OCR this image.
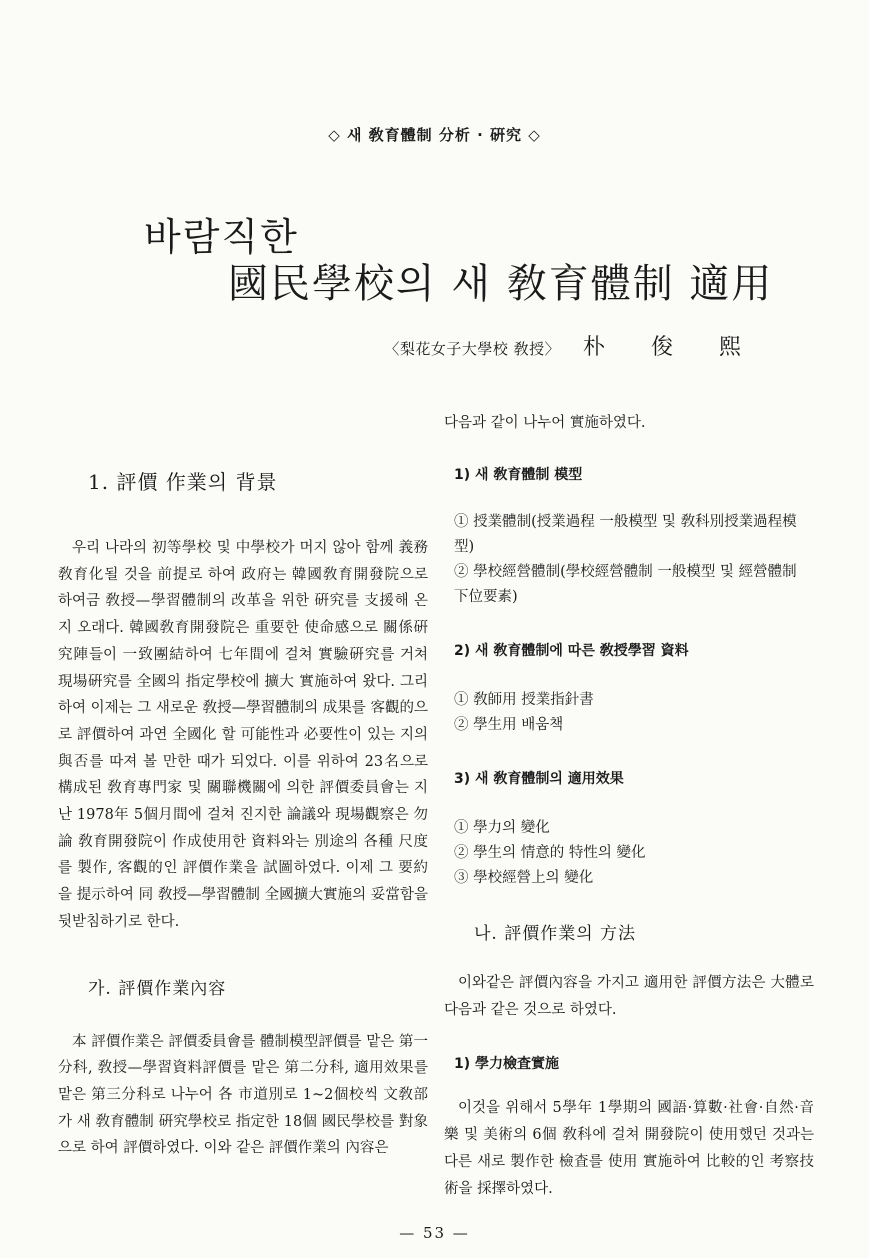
◇ 새 敎育體制 分析 · 硏究 ◇
바람직한
國民學校의 새 敎育體制 適用
〈梨花女子大學校 敎授〉 朴 俊 熙
1. 評價 作業의 背景

우리 나라의 初等學校 및 中學校가 머지 않아 함께 義務敎育化될 것을 前提로 하여 政府는 韓國敎育開發院으로 하여금 敎授—學習體制의 改革을 위한 硏究를 支援해 온지 오래다. 韓國敎育開發院은 重要한 使命感으로 關係硏究陣들이 一致團結하여 七年間에 걸쳐 實驗硏究를 거쳐 現場硏究를 全國의 指定學校에 擴大 實施하여 왔다. 그리하여 이제는 그 새로운 敎授—學習體制의 成果를 客觀的으로 評價하여 과연 全國化 할 可能性과 必要性이 있는 지의 與否를 따져 볼 만한 때가 되었다. 이를 위하여 23名으로 構成된 敎育專門家 및 關聯機關에 의한 評價委員會는 지난 1978年 5個月間에 걸쳐 진지한 論議와 現場觀察은 勿論 敎育開發院이 作成使用한 資料와는 別途의 各種 尺度를 製作, 客觀的인 評價作業을 試圖하였다. 이제 그 要約을 提示하여 同 敎授—學習體制 全國擴大實施의 妥當함을 뒷받침하기로 한다.

가. 評價作業內容

本 評價作業은 評價委員會를 體制模型評價를 맡은 第一分科, 敎授—學習資料評價를 맡은 第二分科, 適用效果를 맡은 第三分科로 나누어 各 市道別로 1~2個校씩 文敎部가 새 敎育體制 硏究學校로 指定한 18個 國民學校를 對象으로 하여 評價하였다. 이와 같은 評價作業의 內容은

다음과 같이 나누어 實施하였다.

1) 새 敎育體制 模型
① 授業體制(授業過程 一般模型 및 敎科別授業過程模型)
② 學校經營體制(學校經營體制 一般模型 및 經營體制 下位要素)
2) 새 敎育體制에 따른 敎授學習 資料
① 敎師用 授業指針書
② 學生用 배움책
3) 새 敎育體制의 適用效果
① 學力의 變化
② 學生의 情意的 特性의 變化
③ 學校經營上의 變化
나. 評價作業의 方法

이와같은 評價內容을 가지고 適用한 評價方法은 大體로 다음과 같은 것으로 하였다.

1) 學力檢査實施

이것을 위해서 5學年 1學期의 國語·算數·社會·自然·音樂 및 美術의 6個 敎科에 걸쳐 開發院이 使用했던 것과는 다른 새로 製作한 檢査를 使用 實施하여 比較的인 考察技術을 採擇하였다.

— 53 —
